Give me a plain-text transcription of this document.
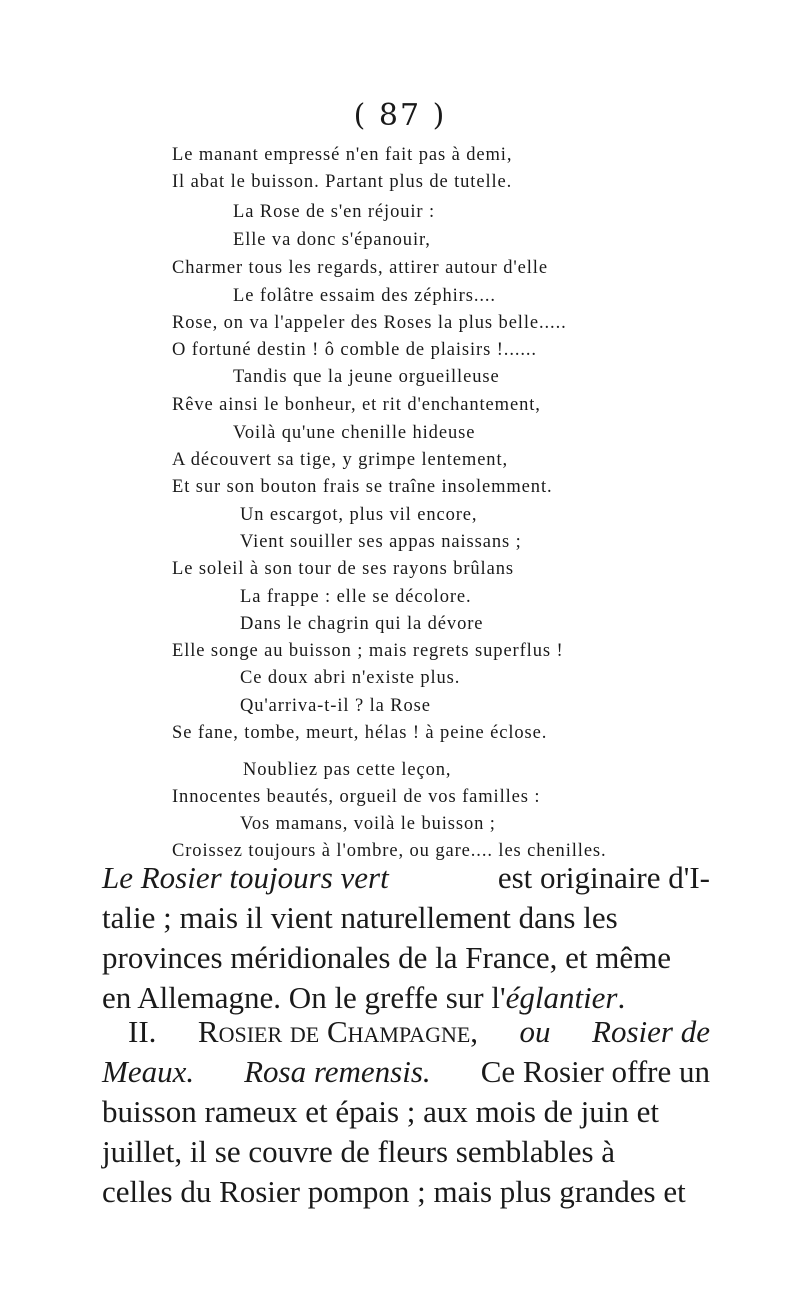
( 87 )
Le manant empressé n'en fait pas à demi,
Il abat le buisson. Partant plus de tutelle.
La Rose de s'en réjouir :
Elle va donc s'épanouir,
Charmer tous les regards, attirer autour d'elle
Le folâtre essaim des zéphirs....
Rose, on va l'appeler des Roses la plus belle.....
O fortuné destin ! ô comble de plaisirs !......
Tandis que la jeune orgueilleuse
Rêve ainsi le bonheur, et rit d'enchantement,
Voilà qu'une chenille hideuse
A découvert sa tige, y grimpe lentement,
Et sur son bouton frais se traîne insolemment.
Un escargot, plus vil encore,
Vient souiller ses appas naissans ;
Le soleil à son tour de ses rayons brûlans
La frappe : elle se décolore.
Dans le chagrin qui la dévore
Elle songe au buisson ; mais regrets superflus !
Ce doux abri n'existe plus.
Qu'arriva-t-il ? la Rose
Se fane, tombe, meurt, hélas ! à peine éclose.
Noubliez pas cette leçon,
Innocentes beautés, orgueil de vos familles :
Vos mamans, voilà le buisson ;
Croissez toujours à l'ombre, ou gare.... les chenilles.
Le Rosier toujours vert	est originaire d'I-
talie ; mais il vient naturellement dans les
provinces méridionales de la France, et même
en Allemagne. On le greffe sur l' églantier .
II. Rosier de Champagne, ou Rosier de
Meaux. Rosa remensis. Ce Rosier offre un
buisson rameux et épais ; aux mois de juin et
juillet, il se couvre de fleurs semblables à
celles du Rosier pompon ; mais plus grandes et
